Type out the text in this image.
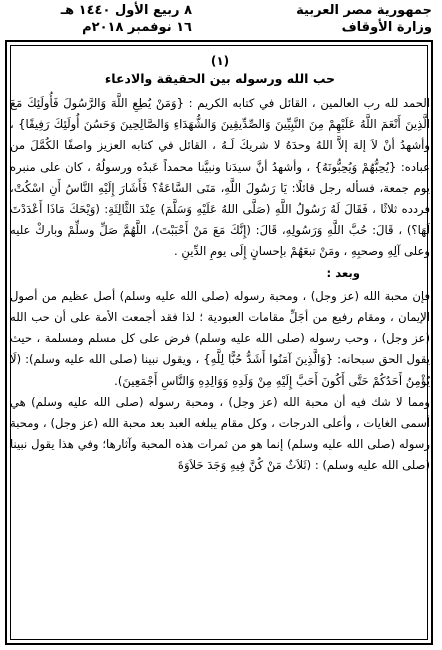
جمهورية مصر العربية
وزارة الأوقاف
٨ ربيع الأول ١٤٤٠ هـ
١٦ نوفمبر ٢٠١٨م

(١)

حب الله ورسوله بين الحقيقة والادعاء

الحمد لله رب العالمين ، القائل في كتابه الكريم : {وَمَنْ يُطِعِ اللَّهَ وَالرَّسُولَ فَأُولَئِكَ مَعَ الَّذِينَ أَنْعَمَ اللَّهُ عَلَيْهِمْ مِنَ النَّبِيِّينَ وَالصِّدِّيقِينَ وَالشُّهَدَاءِ وَالصَّالِحِينَ وَحَسُنَ أُولَئِكَ رَفِيقًا} ، وأشهدُ أنْ لاَ إلهَ إلاَّ اللهُ وحدَهُ لا شريكَ لَـهُ ، القائل في كتابه العزيز واصفًا الكُمَّلَ من عباده: {يُحِبُّهُمْ وَيُحِبُّونَهُ} ، وأشهدُ أنَّ سيدَنا ونبيَّنا محمداً عَبدُه ورسولُهُ ، كان على منبره يوم جمعة، فسأله رجل قائلًا: يَا رَسُولَ اللَّهِ، مَتَى السَّاعَةُ؟ فَأَشَارَ إِلَيْهِ النَّاسُ أَنِ اسْكُتْ، فردده ثلاثًا ، فَقَالَ لَهُ رَسُولُ اللَّهِ (صَلَّى اللهُ عَلَيْهِ وَسَلَّمَ) عِنْدَ الثَّالِثَةِ: (وَيْحَكَ مَاذَا أَعْدَدْتَ لَهَا؟) ، قَالَ: حُبَّ اللَّهِ وَرَسُولِهِ، قَالَ: (إِنَّكَ مَعَ مَنْ أَحْبَبْتَ)، اللَّهُمَّ صَلِّ وسلِّمْ وباركْ عليه وعلى آلِهِ وصحبِهِ ، ومَنْ تبعَهُمْ بإحسانٍ إِلَى يومِ الدِّينِ .

وبعد :

فإن محبة الله (عز وجل) ، ومحبة رسوله (صلى الله عليه وسلم) أصل عظيم من أصول الإيمان ، ومقام رفيع من أجَلِّ مقامات العبودية ؛ لذا فقد أجمعت الأمة على أن حب الله (عز وجل) ، وحب رسوله (صلى الله عليه وسلم) فرض على كل مسلم ومسلمة ، حيث يقول الحق سبحانه: {وَالَّذِينَ آمَنُوا أَشَدُّ حُبًّا لِلَّهِ} ، ويقول نبينا (صلى الله عليه وسلم): (لَا يُؤْمِنُ أَحَدُكُمْ حَتَّى أَكُونَ أَحَبَّ إِلَيْهِ مِنْ وَلَدِهِ وَوَالِدِهِ وَالنَّاسِ أَجْمَعِينَ).

ومما لا شك فيه أن محبة الله (عز وجل) ، ومحبة رسوله (صلى الله عليه وسلم) هي أسمى الغايات ، وأعلى الدرجات ، وكل مقام يبلغه العبد بعد محبة الله (عز وجل) ، ومحبة رسوله (صلى الله عليه وسلم) إنما هو من ثمرات هذه المحبة وآثارها؛ وفي هذا يقول نبينا (صلى الله عليه وسلم) : (ثَلاَثٌ مَنْ كُنَّ فِيهِ وَجَدَ حَلاَوَةَ
